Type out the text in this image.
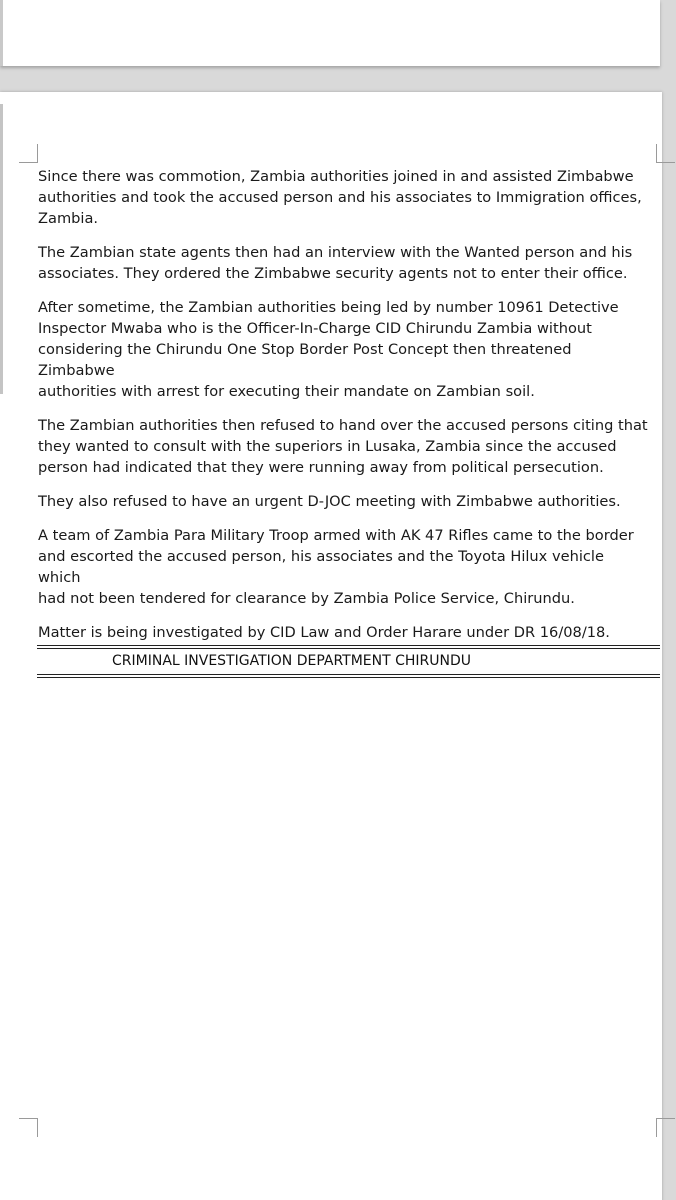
Since there was commotion, Zambia authorities joined in and assisted Zimbabwe
authorities and took the accused person and his associates to Immigration offices,
Zambia.

The Zambian state agents then had an interview with the Wanted person and his
associates. They ordered the Zimbabwe security agents not to enter their office.

After sometime, the Zambian authorities being led by number 10961 Detective
Inspector Mwaba who is the Officer-In-Charge CID Chirundu Zambia without
considering the Chirundu One Stop Border Post Concept then threatened Zimbabwe
authorities with arrest for executing their mandate on Zambian soil.

The Zambian authorities then refused to hand over the accused persons citing that
they wanted to consult with the superiors in Lusaka, Zambia since the accused
person had indicated that they were running away from political persecution.

They also refused to have an urgent D-JOC meeting with Zimbabwe authorities.

A team of Zambia Para Military Troop armed with AK 47 Rifles came to the border
and escorted the accused person, his associates and the Toyota Hilux vehicle which
had not been tendered for clearance by Zambia Police Service, Chirundu.

Matter is being investigated by CID Law and Order Harare under DR 16/08/18.

CRIMINAL INVESTIGATION DEPARTMENT CHIRUNDU
